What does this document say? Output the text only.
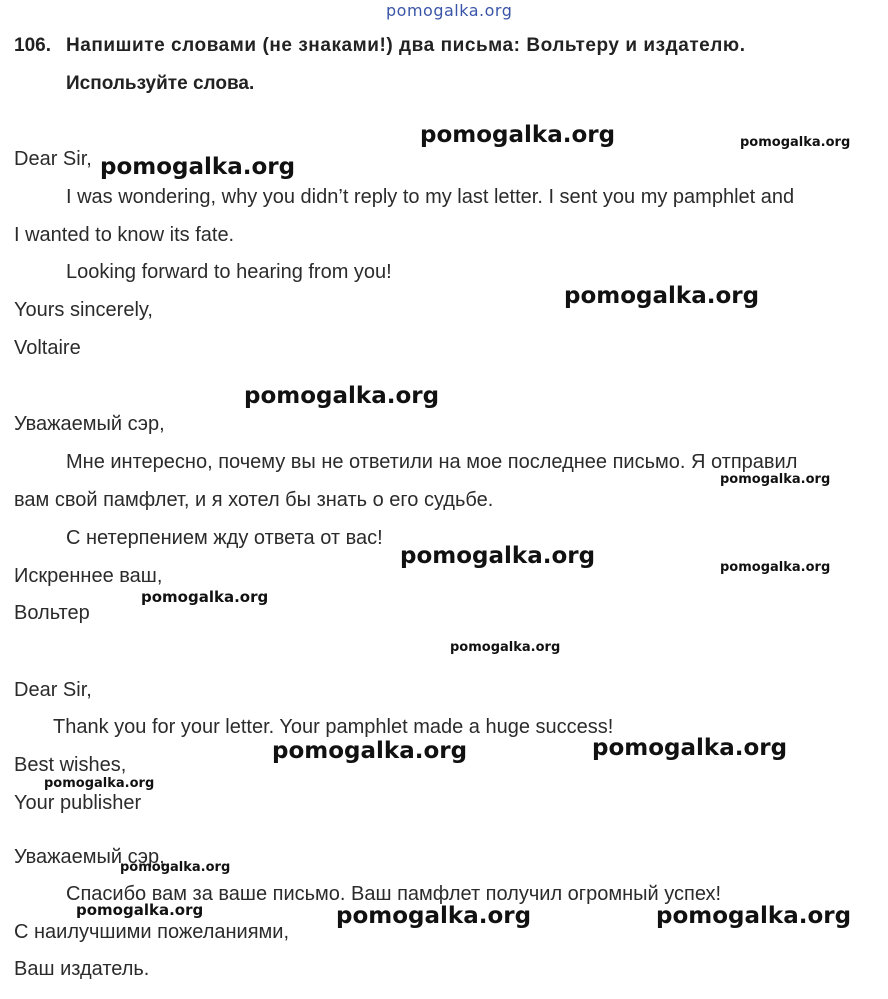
pomogalka.org
106. Напишите словами (не знаками!) два письма: Вольтеру и издателю.
Используйте слова.
Dear Sir,
I was wondering, why you didn’t reply to my last letter. I sent you my pamphlet and
I wanted to know its fate.
Looking forward to hearing from you!
Yours sincerely,
Voltaire
Уважаемый сэр,
Мне интересно, почему вы не ответили на мое последнее письмо. Я отправил
вам свой памфлет, и я хотел бы знать о его судьбе.
С нетерпением жду ответа от вас!
Искреннее ваш,
Вольтер
Dear Sir,
Thank you for your letter. Your pamphlet made a huge success!
Best wishes,
Your publisher
Уважаемый сэр,
Спасибо вам за ваше письмо. Ваш памфлет получил огромный успех!
С наилучшими пожеланиями,
Ваш издатель.
pomogalka.org	pomogalka.org
pomogalka.org
pomogalka.org
pomogalka.org
pomogalka.org
pomogalka.org	pomogalka.org
pomogalka.org
pomogalka.org	pomogalka.org
pomogalka.org
pomogalka.org	pomogalka.org	pomogalka.org
pomogalka.org
pomogalka.org
